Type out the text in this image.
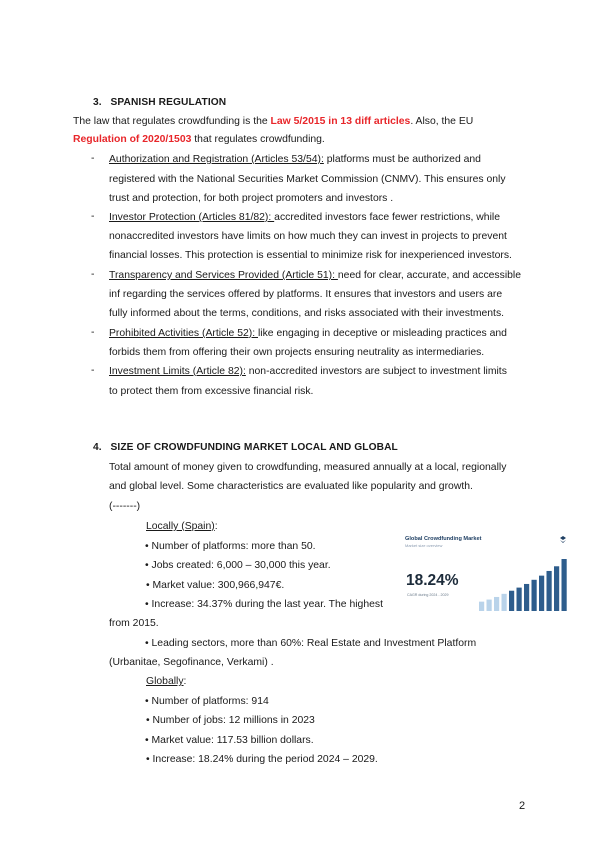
3.   SPANISH REGULATION
The law that regulates crowdfunding is the Law 5/2015 in 13 diff articles. Also, the EU
Regulation of 2020/1503 that regulates crowdfunding.
-	Authorization and Registration (Articles 53/54): platforms must be authorized and
registered with the National Securities Market Commission (CNMV). This ensures only
trust and protection, for both project promoters and investors .
-	Investor Protection (Articles 81/82): accredited investors face fewer restrictions, while
nonaccredited investors have limits on how much they can invest in projects to prevent
financial losses. This protection is essential to minimize risk for inexperienced investors.
-	Transparency and Services Provided (Article 51): need for clear, accurate, and accessible
inf regarding the services offered by platforms. It ensures that investors and users are
fully informed about the terms, conditions, and risks associated with their investments.
-	Prohibited Activities (Article 52): like engaging in deceptive or misleading practices and
forbids them from offering their own projects ensuring neutrality as intermediaries.
-	Investment Limits (Article 82): non-accredited investors are subject to investment limits
to protect them from excessive financial risk.
4.   SIZE OF CROWDFUNDING MARKET LOCAL AND GLOBAL
Total amount of money given to crowdfunding, measured annually at a local, regionally
and global level. Some characteristics are evaluated like popularity and growth.
(-------)
Locally (Spain):
• Number of platforms: more than 50.
• Jobs created: 6,000 – 30,000 this year.
• Market value: 300,966,947€.
• Increase: 34.37% during the last year. The highest
from 2015.
• Leading sectors, more than 60%: Real Estate and Investment Platform
(Urbanitae, Segofinance, Verkami) .
Globally:
• Number of platforms: 914
• Number of jobs: 12 millions in 2023
• Market value: 117.53 billion dollars.
• Increase: 18.24% during the period 2024 – 2029.
Global Crowdfunding Market
Market size overview
18.24%
CAGR during 2024 - 2029
2
